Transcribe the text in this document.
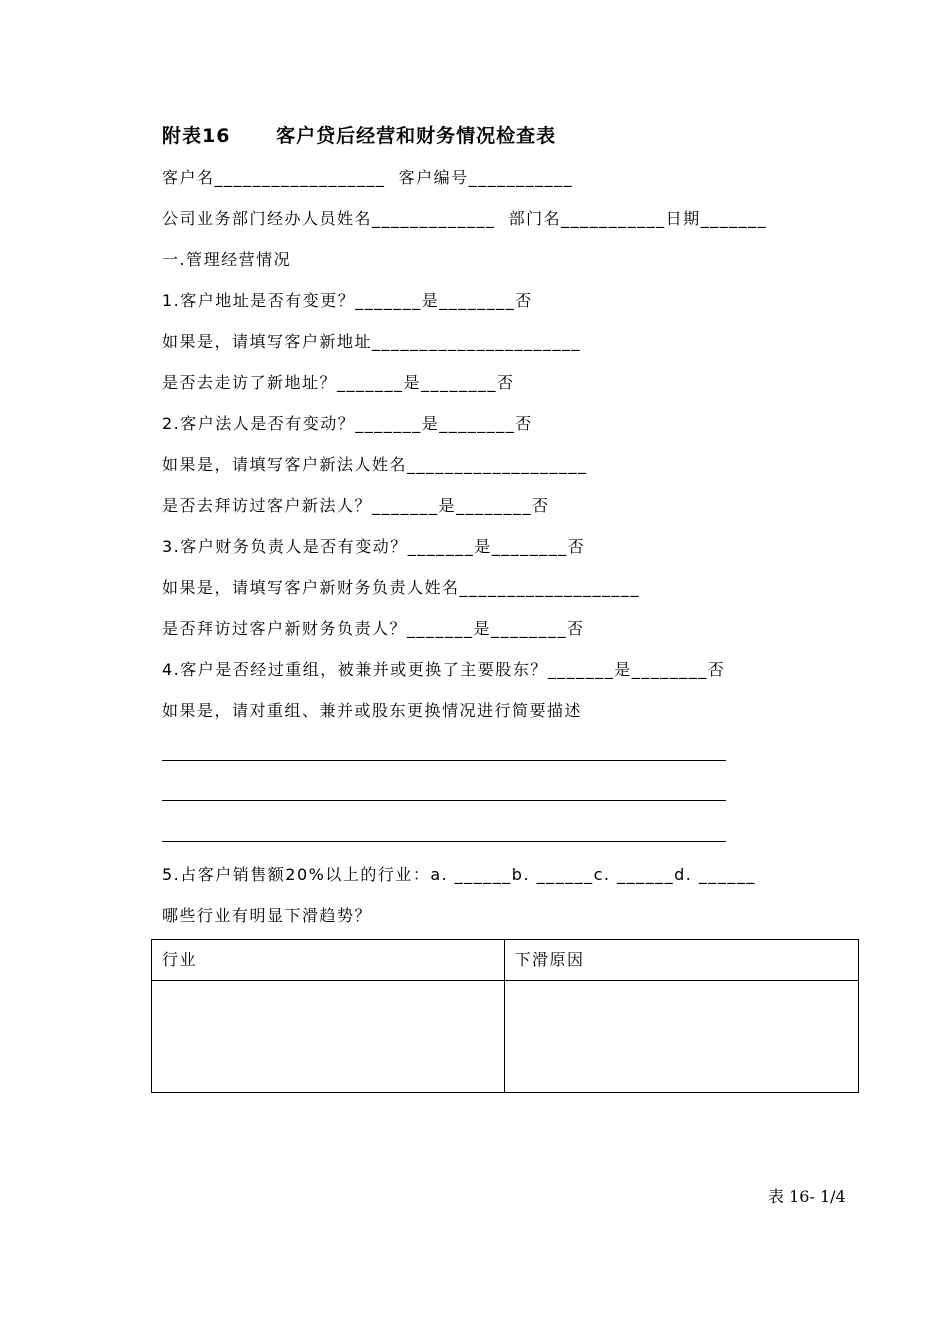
附表16      客户贷后经营和财务情况检查表
客户名__________________  客户编号___________
公司业务部门经办人员姓名_____________  部门名___________日期_______
一.管理经营情况
1.客户地址是否有变更？_______是________否
如果是，请填写客户新地址______________________
是否去走访了新地址？_______是________否
2.客户法人是否有变动？_______是________否
如果是，请填写客户新法人姓名___________________
是否去拜访过客户新法人？_______是________否
3.客户财务负责人是否有变动？_______是________否
如果是，请填写客户新财务负责人姓名___________________
是否拜访过客户新财务负责人？_______是________否
4.客户是否经过重组，被兼并或更换了主要股东？_______是________否
如果是，请对重组、兼并或股东更换情况进行简要描述
5.占客户销售额20%以上的行业：a. ______b. ______c. ______d. ______
哪些行业有明显下滑趋势？
行业	下滑原因

表 16- 1/4
